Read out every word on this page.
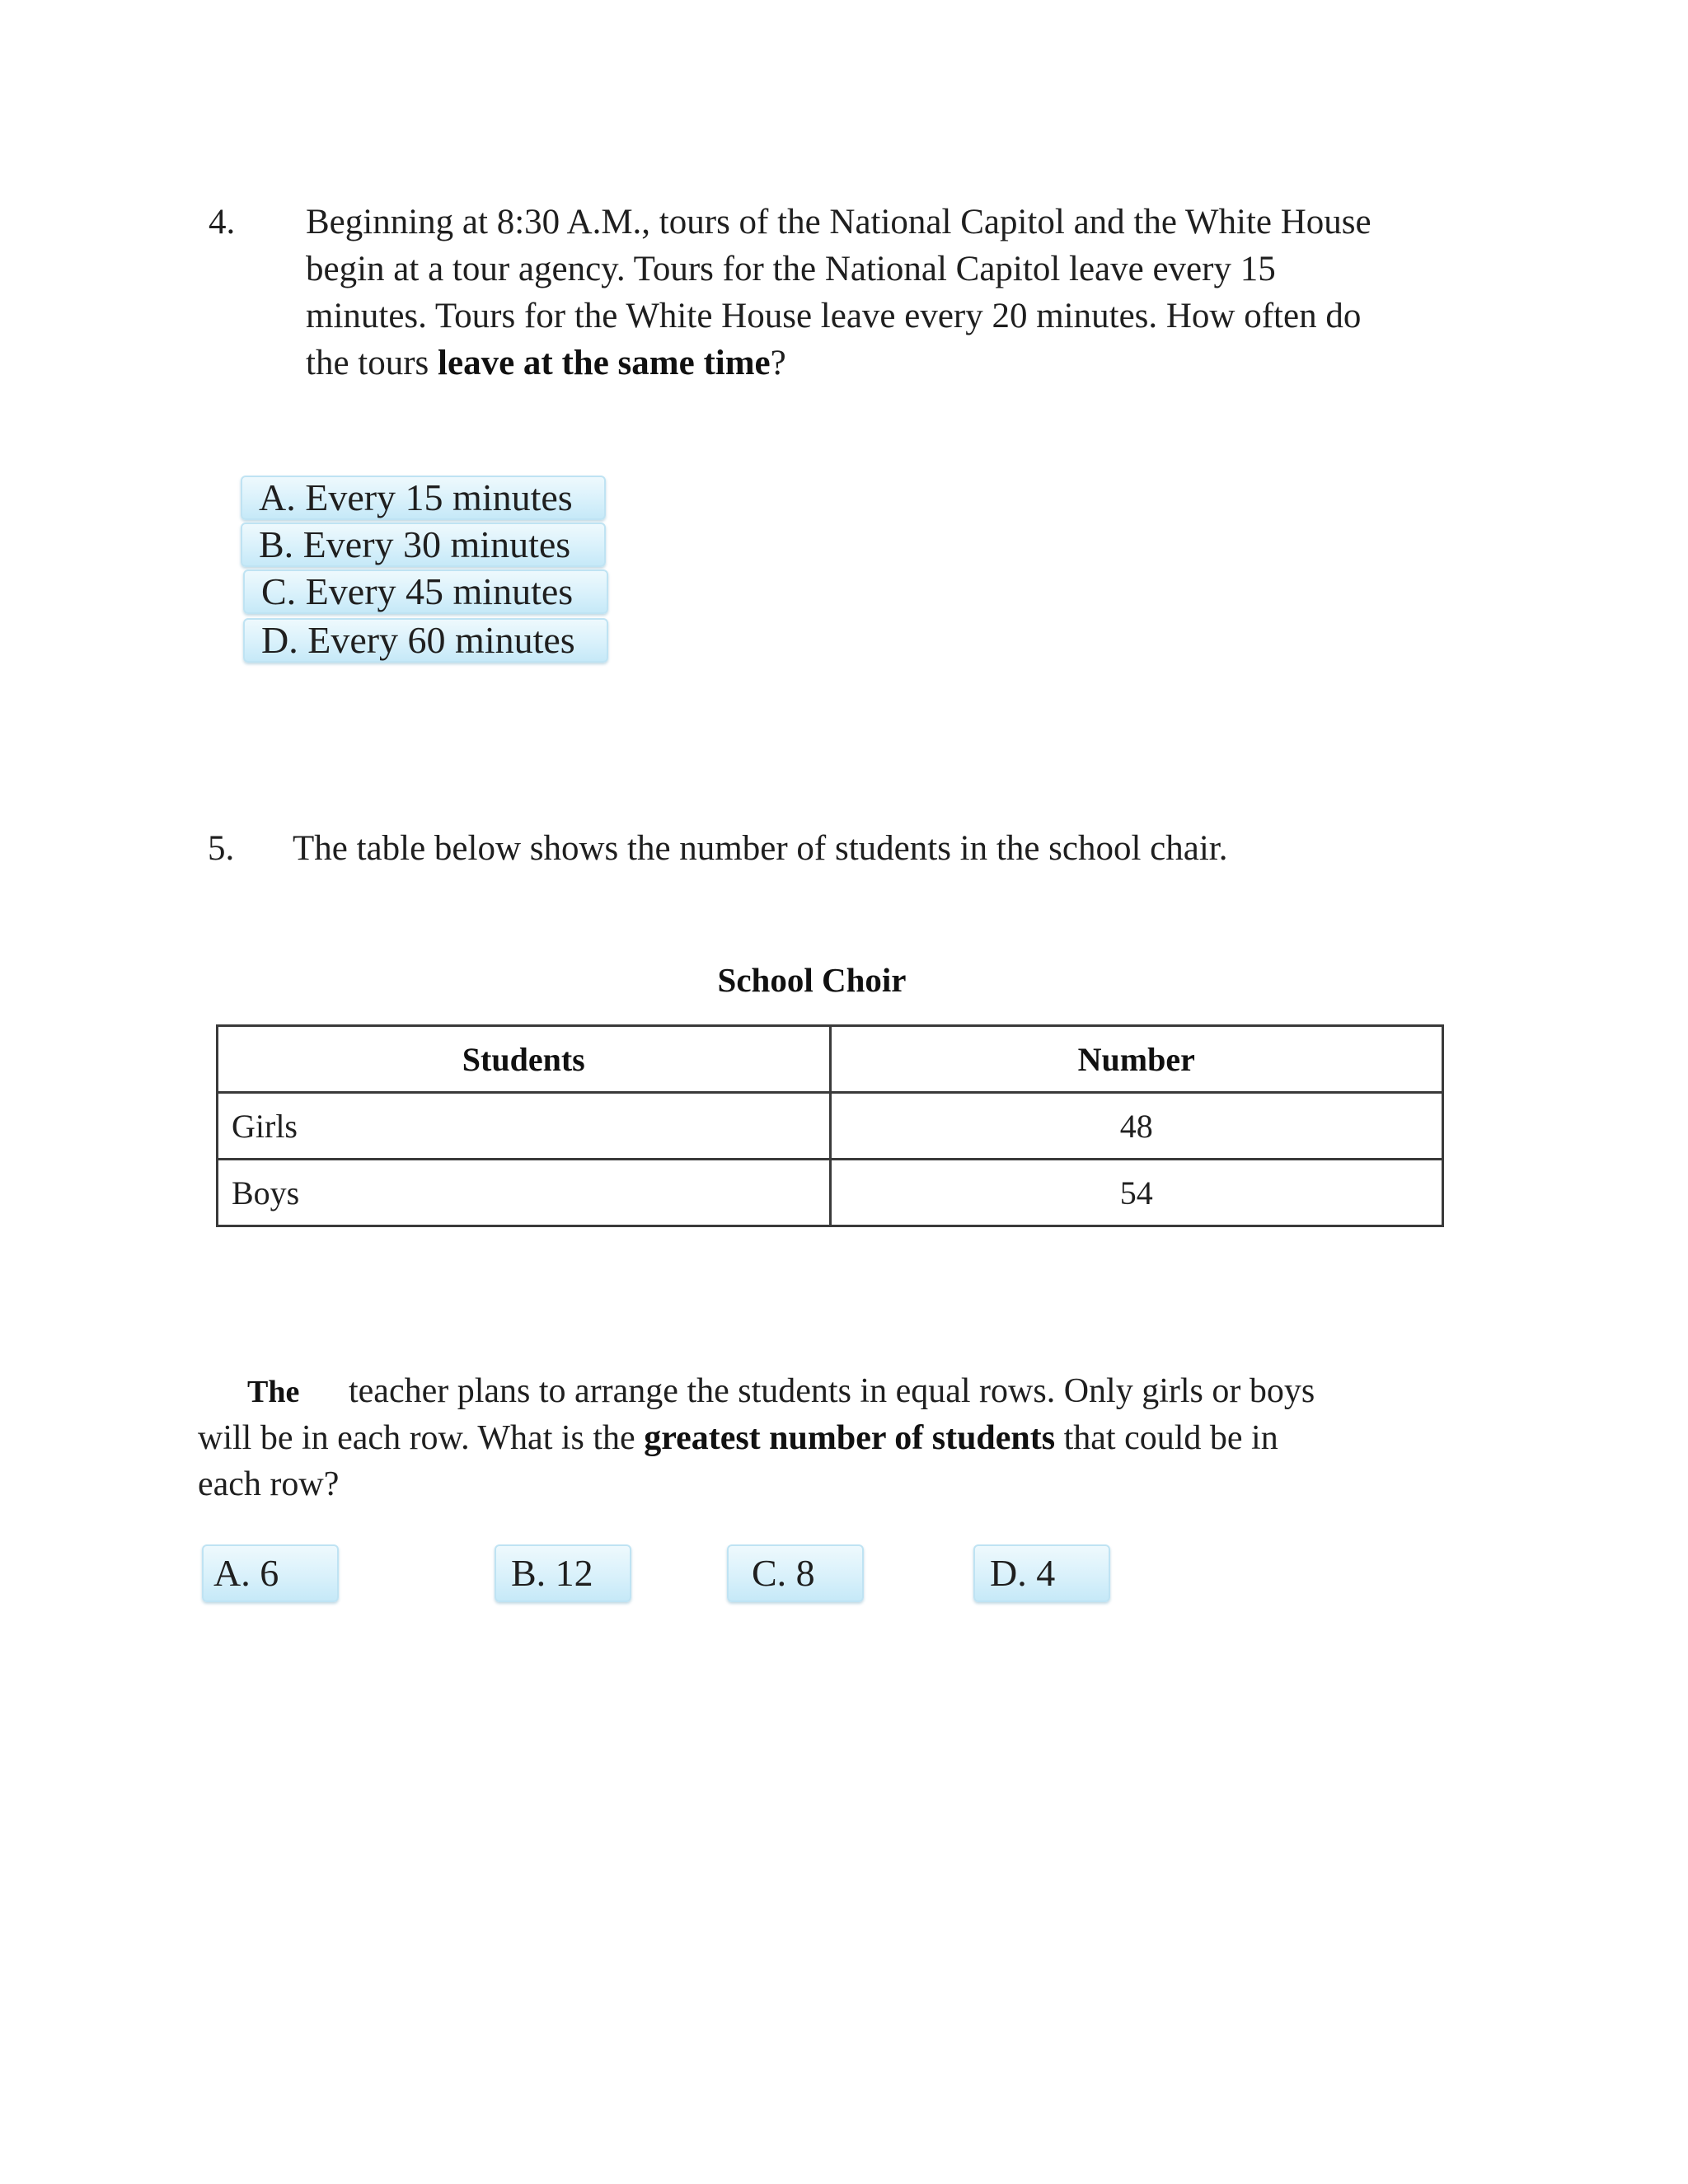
4. Beginning at 8:30 A.M., tours of the National Capitol and the White House
begin at a tour agency. Tours for the National Capitol leave every 15
minutes. Tours for the White House leave every 20 minutes. How often do
the tours leave at the same time?
A. Every 15 minutes
B. Every 30 minutes
C. Every 45 minutes
D. Every 60 minutes
5. The table below shows the number of students in the school chair.
School Choir
Students	Number
Girls	48
Boys	54
The teacher plans to arrange the students in equal rows. Only girls or boys
will be in each row. What is the greatest number of students that could be in
each row?
A. 6	B. 12	C. 8	D. 4
